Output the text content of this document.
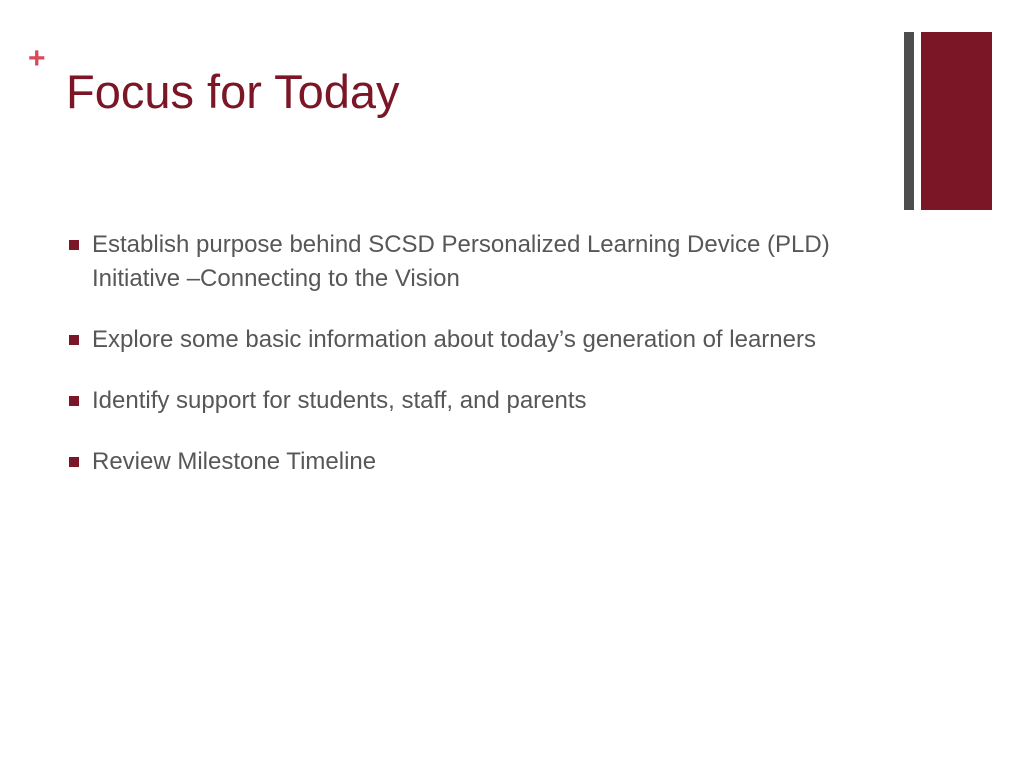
+
Focus for Today
Establish purpose behind SCSD Personalized Learning Device (PLD) Initiative –Connecting to the Vision
Explore some basic information about today’s generation of learners
Identify support for students, staff, and parents
Review Milestone Timeline
